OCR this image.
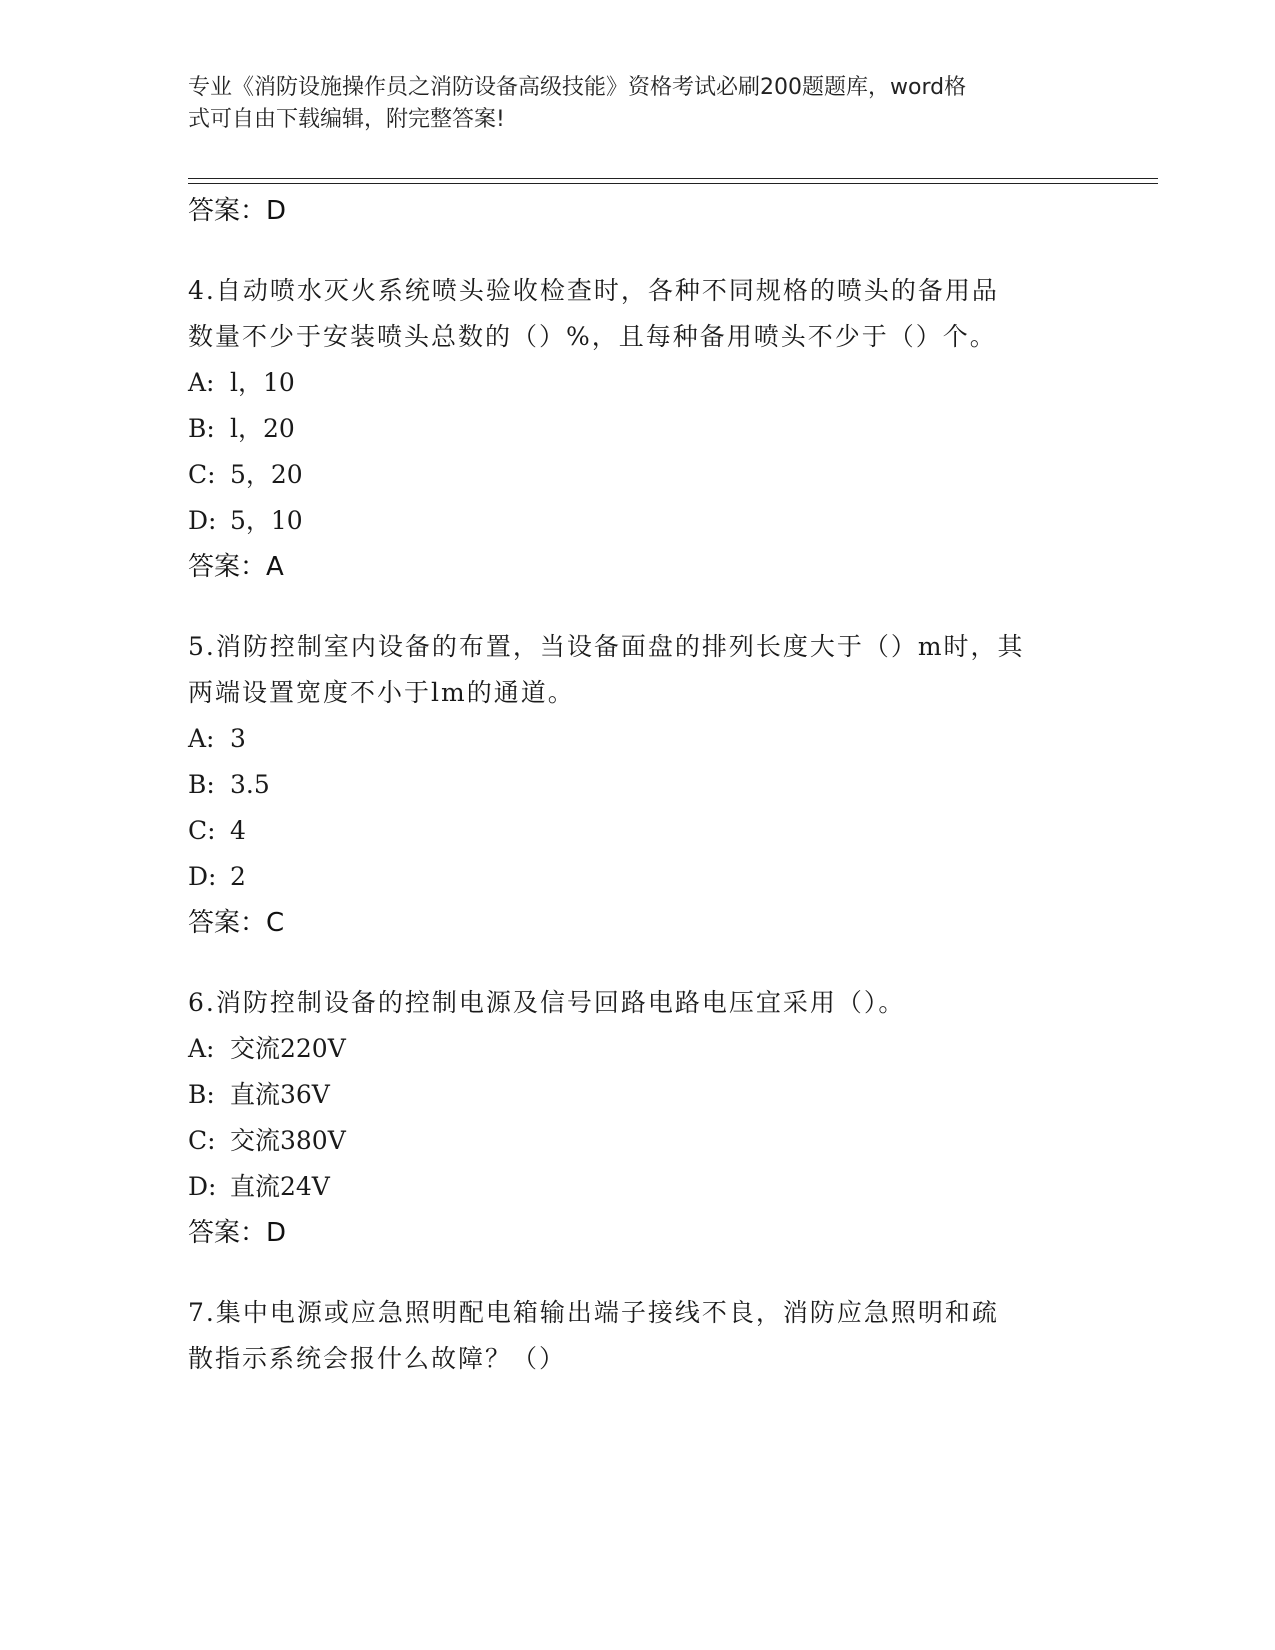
专业《消防设施操作员之消防设备高级技能》资格考试必刷200题题库，word格
式可自由下载编辑，附完整答案!
答案：D
4.自动喷水灭火系统喷头验收检查时，各种不同规格的喷头的备用品
数量不少于安装喷头总数的（）%，且每种备用喷头不少于（）个。
A: l，10
B: l，20
C: 5，20
D: 5，10
答案：A
5.消防控制室内设备的布置，当设备面盘的排列长度大于（）m时，其
两端设置宽度不小于lm的通道。
A: 3
B: 3.5
C: 4
D: 2
答案：C
6.消防控制设备的控制电源及信号回路电路电压宜采用（）。
A: 交流220V
B: 直流36V
C: 交流380V
D: 直流24V
答案：D
7.集中电源或应急照明配电箱输出端子接线不良，消防应急照明和疏
散指示系统会报什么故障？（）
